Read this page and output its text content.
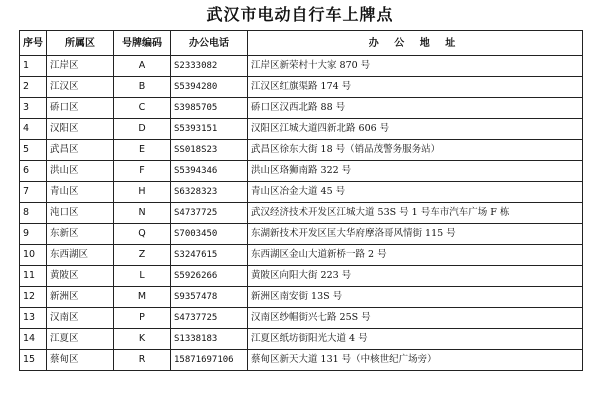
武汉市电动自行车上牌点
序号	所属区	号牌编码	办公电话	办 公 地 址
1	江岸区	A	S2333082	江岸区新荣村十大家 870 号
2	江汉区	B	S5394280	江汉区红旗渠路 174 号
3	硚口区	C	S3985705	硚口区汉西北路 88 号
4	汉阳区	D	S5393151	汉阳区江城大道四新北路 606 号
5	武昌区	E	SS018S23	武昌区徐东大街 18 号（销品茂警务服务站）
6	洪山区	F	S5394346	洪山区珞狮南路 322 号
7	青山区	H	S6328323	青山区冶金大道 45 号
8	沌口区	N	S4737725	武汉经济技术开发区江城大道 53S 号 1 号车市汽车广场 F 栋
9	东新区	Q	S7003450	东湖新技术开发区匡大华府摩洛哥风情街 115 号
10	东西湖区	Z	S3247615	东西湖区金山大道新桥一路 2 号
11	黄陂区	L	S5926266	黄陂区向阳大街 223 号
12	新洲区	M	S9357478	新洲区南安街 13S 号
13	汉南区	P	S4737725	汉南区纱帽街兴七路 25S 号
14	江夏区	K	S1338183	江夏区纸坊街阳光大道 4 号
15	蔡甸区	R	15871697106	蔡甸区新天大道 131 号（中核世纪广场旁）
